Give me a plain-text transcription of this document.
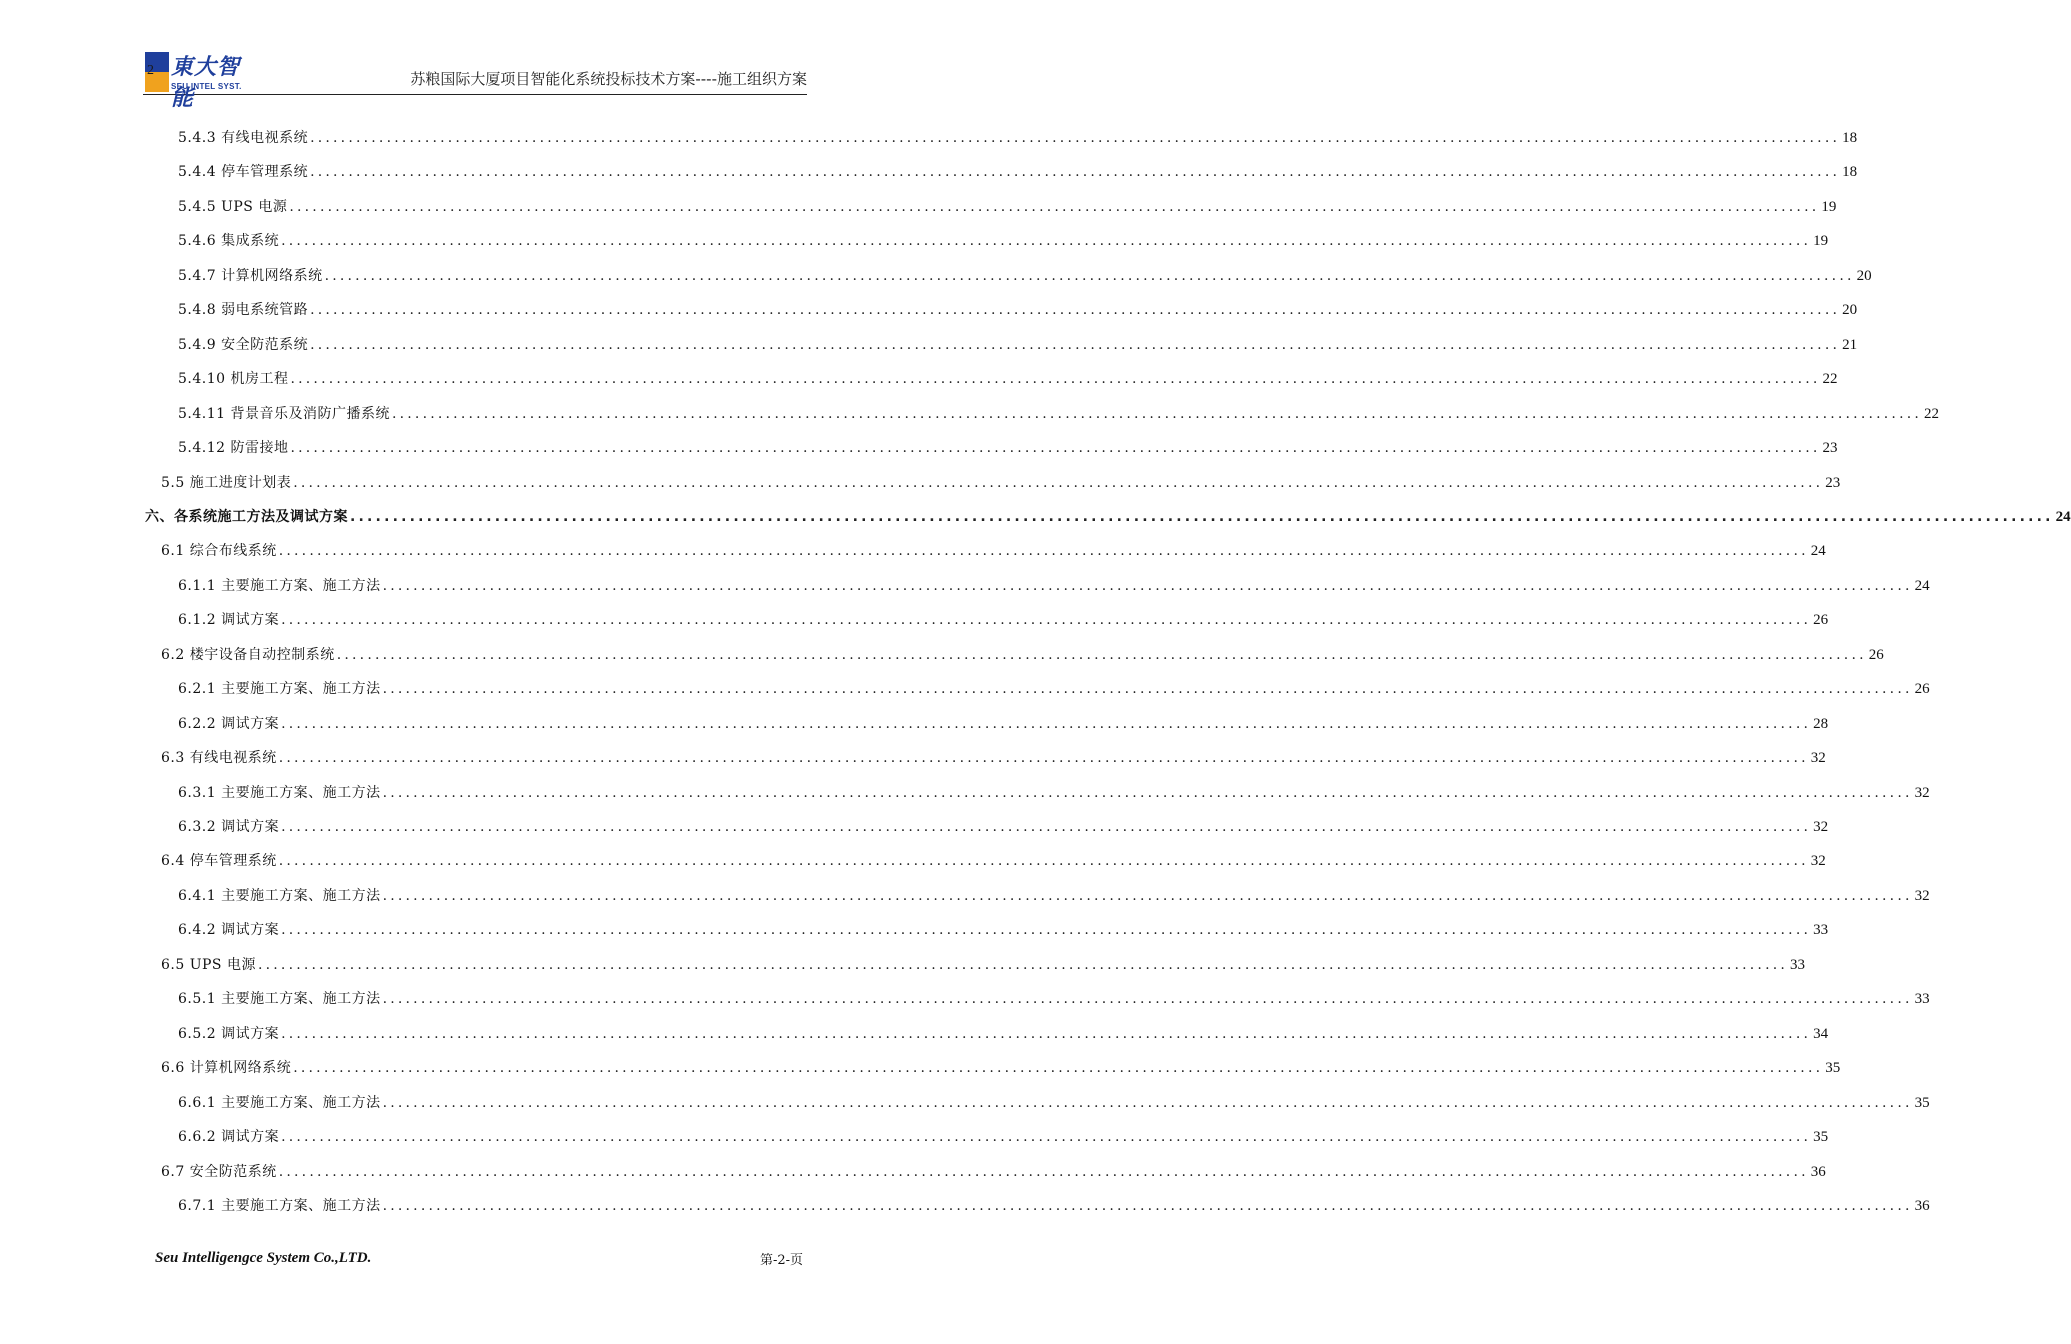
2 東大智能
SEU INTEL SYST.	苏粮国际大厦项目智能化系统投标技术方案----施工组织方案
5.4.3 有线电视系统 ........................................................................................................................................................................................................ 18
5.4.4 停车管理系统 ........................................................................................................................................................................................................ 18
5.4.5 UPS 电源 ........................................................................................................................................................................................................ 19
5.4.6 集成系统 ........................................................................................................................................................................................................ 19
5.4.7 计算机网络系统 ........................................................................................................................................................................................................ 20
5.4.8 弱电系统管路 ........................................................................................................................................................................................................ 20
5.4.9 安全防范系统 ........................................................................................................................................................................................................ 21
5.4.10 机房工程 ........................................................................................................................................................................................................ 22
5.4.11 背景音乐及消防广播系统 ........................................................................................................................................................................................................ 22
5.4.12 防雷接地 ........................................................................................................................................................................................................ 23
5.5 施工进度计划表 ........................................................................................................................................................................................................ 23
六、各系统施工方法及调试方案 ........................................................................................................................................................................................................ 24
6.1 综合布线系统 ........................................................................................................................................................................................................ 24
6.1.1 主要施工方案、施工方法 ........................................................................................................................................................................................................ 24
6.1.2 调试方案 ........................................................................................................................................................................................................ 26
6.2 楼宇设备自动控制系统 ........................................................................................................................................................................................................ 26
6.2.1 主要施工方案、施工方法 ........................................................................................................................................................................................................ 26
6.2.2 调试方案 ........................................................................................................................................................................................................ 28
6.3 有线电视系统 ........................................................................................................................................................................................................ 32
6.3.1 主要施工方案、施工方法 ........................................................................................................................................................................................................ 32
6.3.2 调试方案 ........................................................................................................................................................................................................ 32
6.4 停车管理系统 ........................................................................................................................................................................................................ 32
6.4.1 主要施工方案、施工方法 ........................................................................................................................................................................................................ 32
6.4.2 调试方案 ........................................................................................................................................................................................................ 33
6.5 UPS 电源 ........................................................................................................................................................................................................ 33
6.5.1 主要施工方案、施工方法 ........................................................................................................................................................................................................ 33
6.5.2 调试方案 ........................................................................................................................................................................................................ 34
6.6 计算机网络系统 ........................................................................................................................................................................................................ 35
6.6.1 主要施工方案、施工方法 ........................................................................................................................................................................................................ 35
6.6.2 调试方案 ........................................................................................................................................................................................................ 35
6.7 安全防范系统 ........................................................................................................................................................................................................ 36
6.7.1 主要施工方案、施工方法 ........................................................................................................................................................................................................ 36
Seu Intelligengce System Co.,LTD.	第-2-页
